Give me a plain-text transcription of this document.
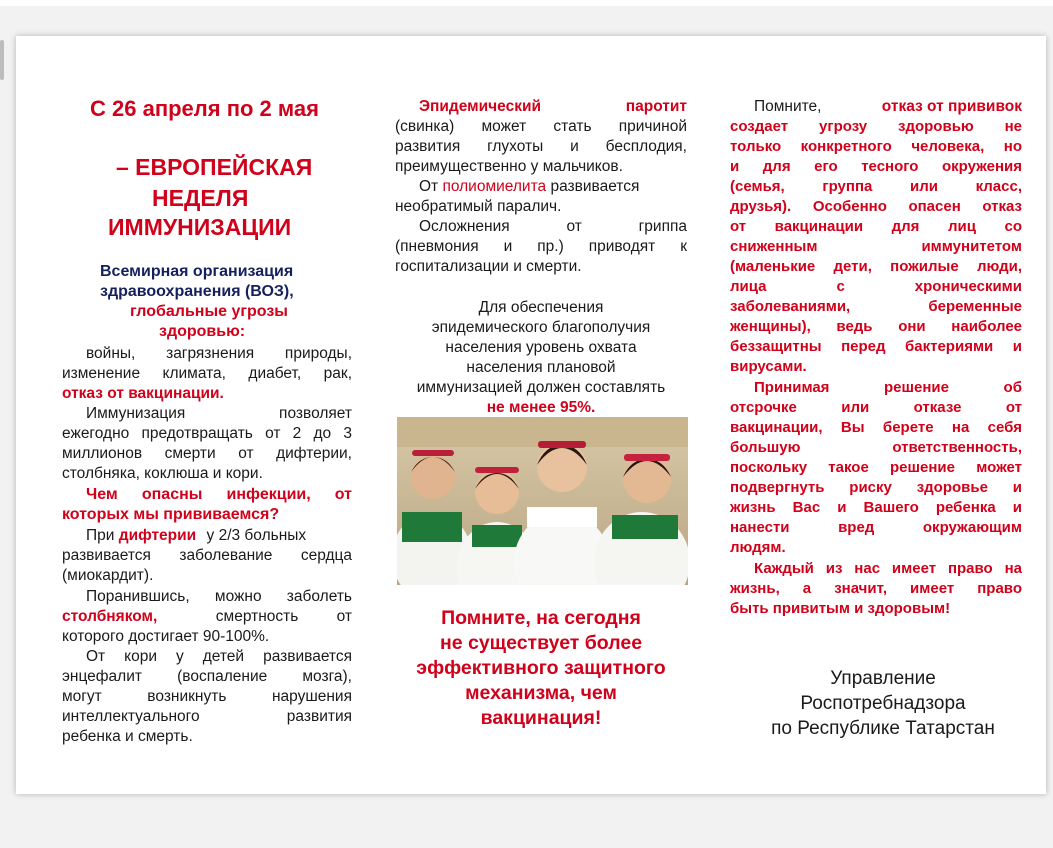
С 26 апреля по 2 мая

– ЕВРОПЕЙСКАЯ

НЕДЕЛЯ

ИММУНИЗАЦИИ

Всемирная организация

здравоохранения (ВОЗ),

глобальные угрозы

здоровью:

войны, загрязнения природы,

изменение климата, диабет, рак,

отказ от вакцинации.

Иммунизация позволяет

ежегодно предотвращать от 2 до 3

миллионов смерти от дифтерии,

столбняка, коклюша и кори.

Чем опасны инфекции, от

которых мы прививаемся?

При дифтерии у 2/3 больных

развивается заболевание сердца

(миокардит).

Поранившись, можно заболеть

столбняком,	смертность от

которого достигает 90-100%.

От кори у детей развивается

энцефалит (воспаление мозга),

могут возникнуть нарушения

интеллектуального развития

ребенка и смерть.

Эпидемический паротит

(свинка) может стать причиной

развития глухоты и бесплодия,

преимущественно у мальчиков.

От полиомиелита развивается

необратимый паралич.

Осложнения от гриппа

(пневмония и пр.) приводят к

госпитализации и смерти.

Для обеспечения
эпидемического благополучия
населения уровень охвата
населения плановой
иммунизацией должен составлять
не менее 95%.
Помните, на сегодня
не существует более
эффективного защитного
механизма, чем
вакцинация!

Помните,	отказ от прививок

создает угрозу здоровью не

только конкретного человека, но

и для его тесного окружения

(семья, группа или класс,

друзья). Особенно опасен отказ

от вакцинации для лиц со

сниженным иммунитетом

(маленькие дети, пожилые люди,

лица с хроническими

заболеваниями, беременные

женщины), ведь они наиболее

беззащитны перед бактериями и

вирусами.

Принимая решение об

отсрочке или отказе от

вакцинации, Вы берете на себя

большую ответственность,

поскольку такое решение может

подвергнуть риску здоровье и

жизнь Вас и Вашего ребенка и

нанести вред окружающим

людям.

Каждый из нас имеет право на

жизнь, а значит, имеет право

быть привитым и здоровым!

Управление
Роспотребнадзора
по Республике Татарстан
